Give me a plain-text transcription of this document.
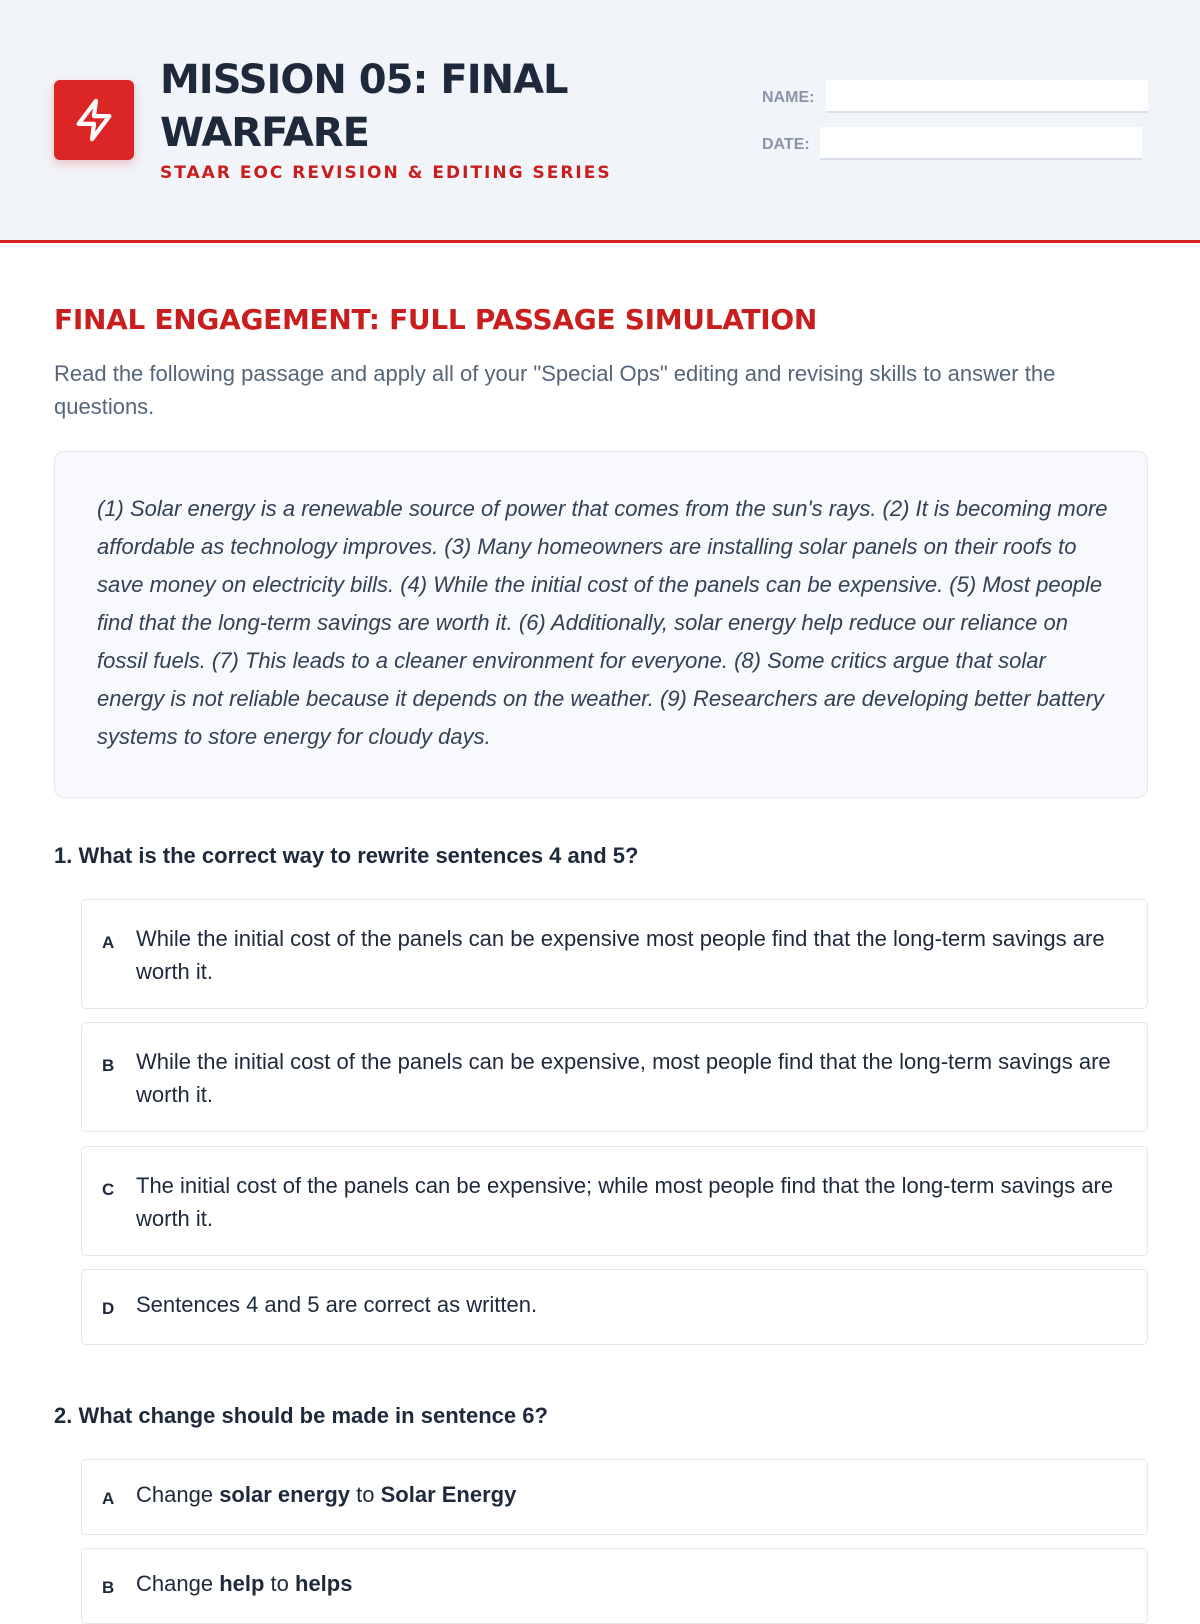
MISSION 05: FINAL WARFARE
STAAR EOC REVISION & EDITING SERIES
NAME:
DATE:
FINAL ENGAGEMENT: FULL PASSAGE SIMULATION
Read the following passage and apply all of your "Special Ops" editing and revising skills to answer the questions.

(1) Solar energy is a renewable source of power that comes from the sun's rays. (2) It is becoming more affordable as technology improves. (3) Many homeowners are installing solar panels on their roofs to save money on electricity bills. (4) While the initial cost of the panels can be expensive. (5) Most people find that the long-term savings are worth it. (6) Additionally, solar energy help reduce our reliance on fossil fuels. (7) This leads to a cleaner environment for everyone. (8) Some critics argue that solar energy is not reliable because it depends on the weather. (9) Researchers are developing better battery systems to store energy for cloudy days.

1. What is the correct way to rewrite sentences 4 and 5?
A While the initial cost of the panels can be expensive most people find that the long-term savings are worth it.
B While the initial cost of the panels can be expensive, most people find that the long-term savings are worth it.
C The initial cost of the panels can be expensive; while most people find that the long-term savings are worth it.
D Sentences 4 and 5 are correct as written.
2. What change should be made in sentence 6?
A Change solar energy to Solar Energy
B Change help to helps
